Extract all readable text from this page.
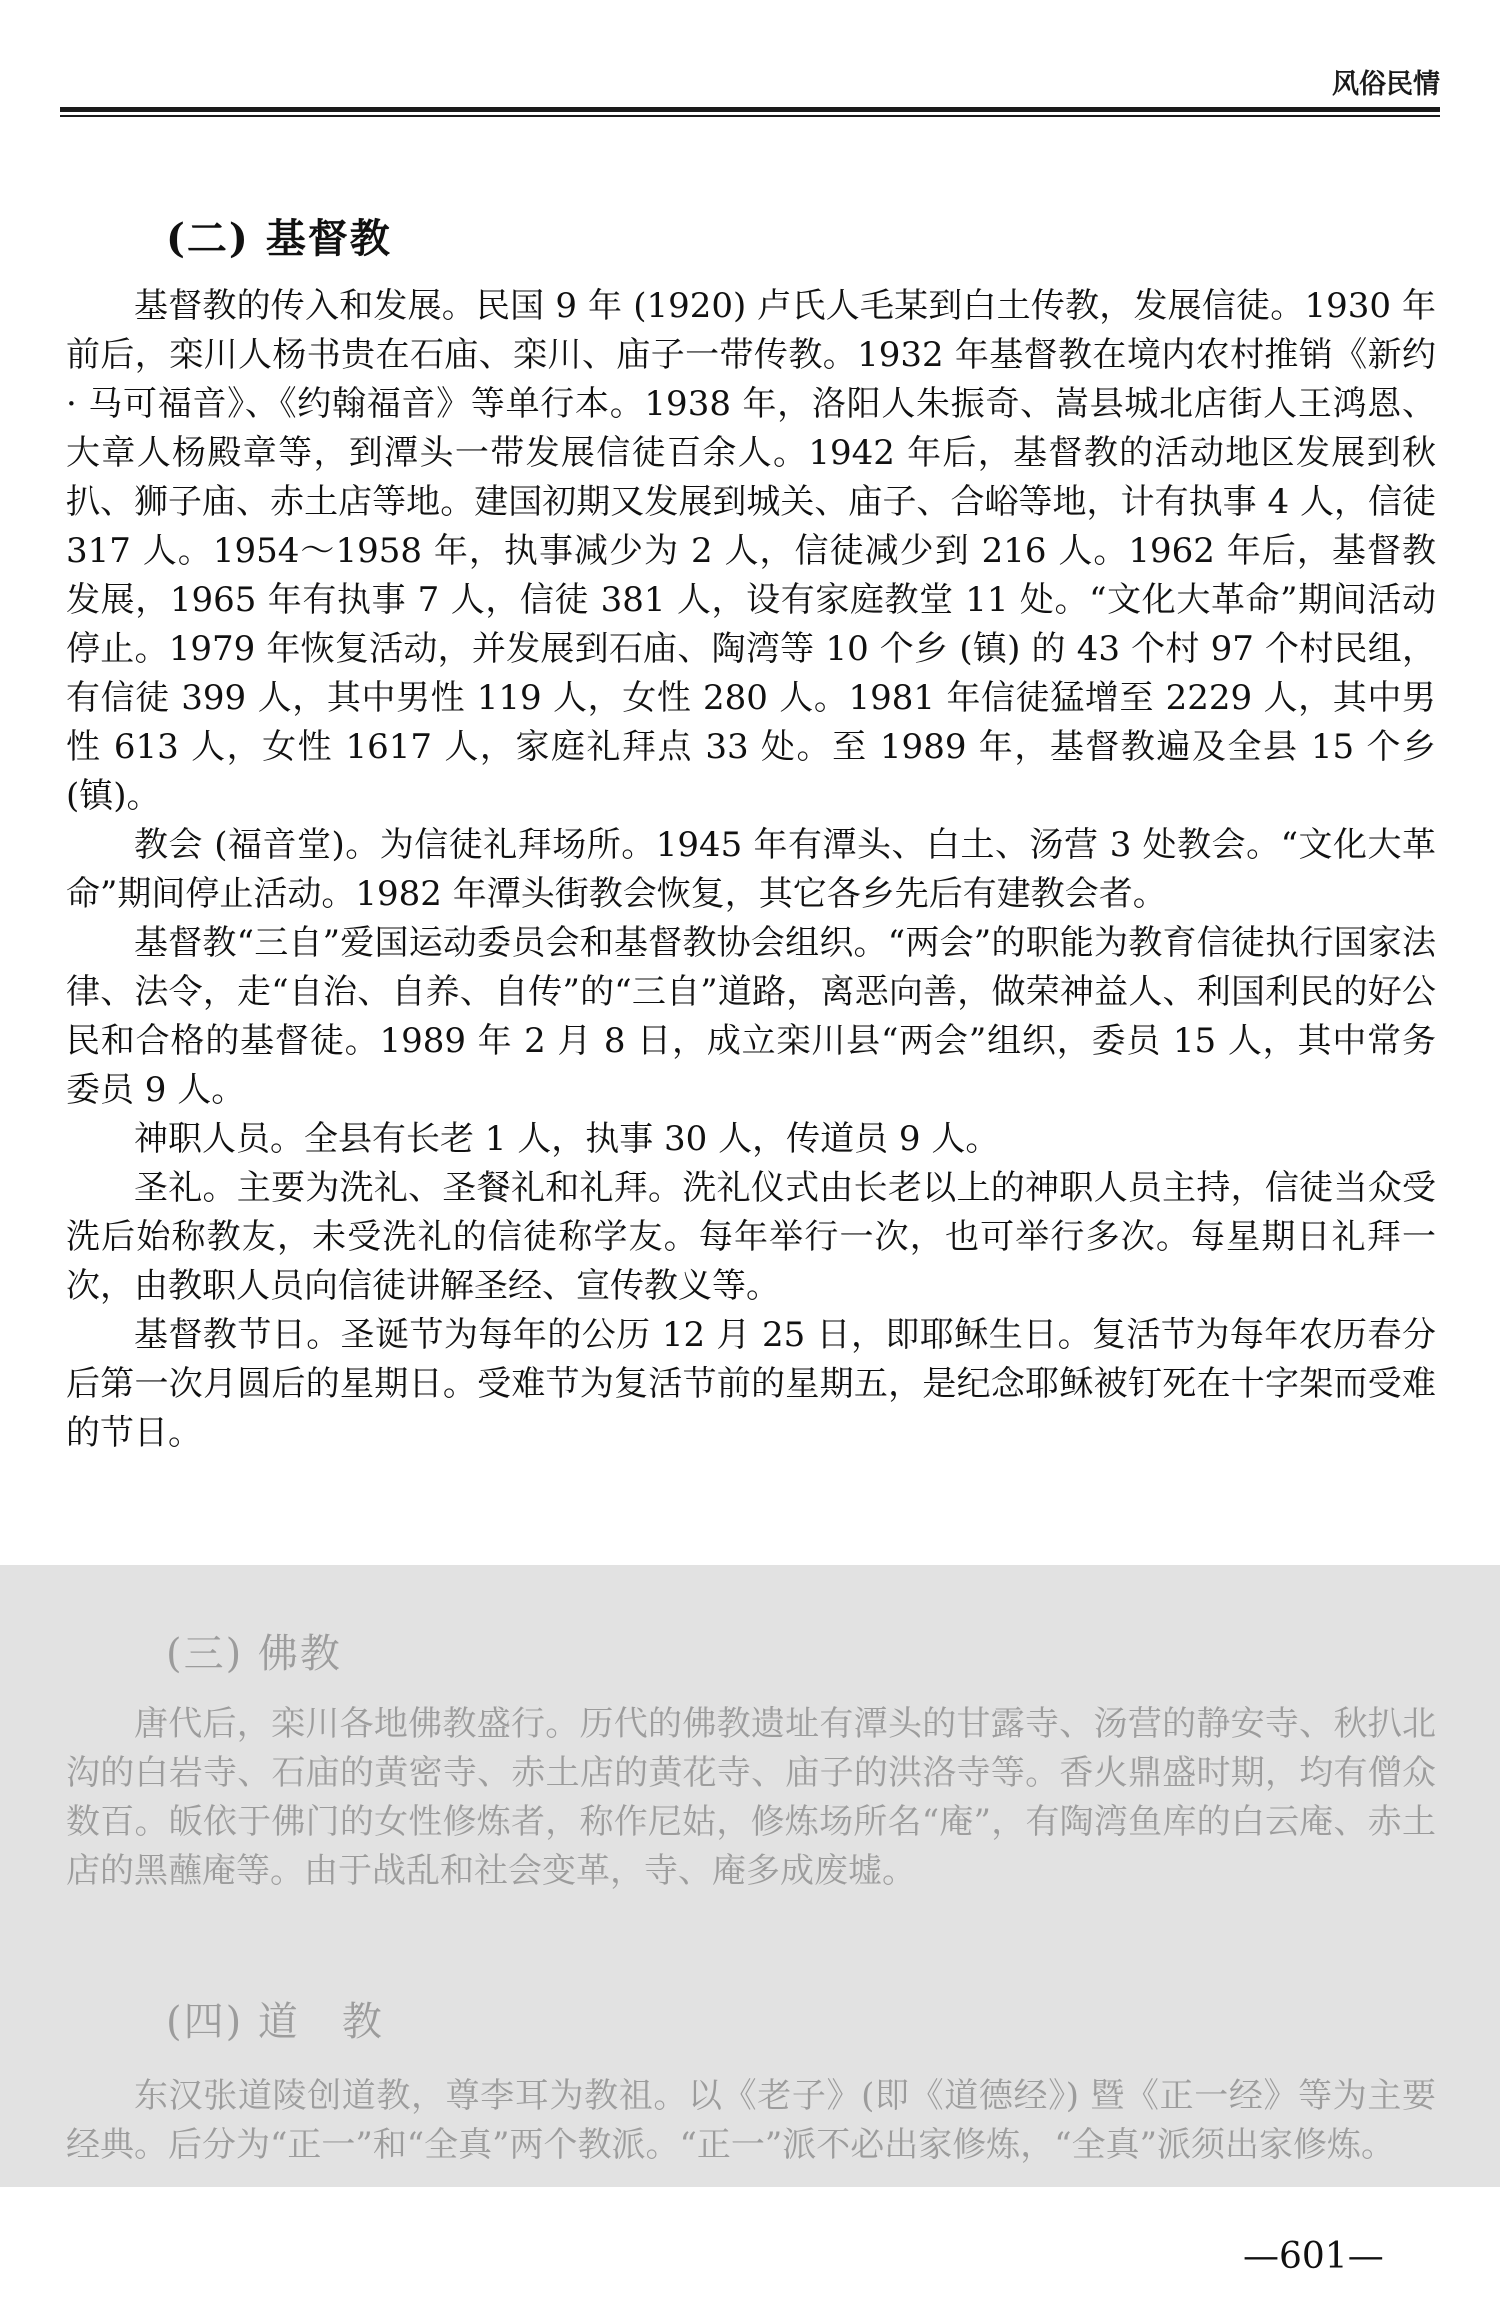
风俗民情
(二) 基督教

基督教的传入和发展。民国 9 年 (1920) 卢氏人毛某到白土传教，发展信徒。1930 年前后，栾川人杨书贵在石庙、栾川、庙子一带传教。1932 年基督教在境内农村推销《新约 · 马可福音》、《约翰福音》等单行本。1938 年，洛阳人朱振奇、嵩县城北店街人王鸿恩、大章人杨殿章等，到潭头一带发展信徒百余人。1942 年后，基督教的活动地区发展到秋扒、狮子庙、赤土店等地。建国初期又发展到城关、庙子、合峪等地，计有执事 4 人，信徒 317 人。1954～1958 年，执事减少为 2 人，信徒减少到 216 人。1962 年后，基督教发展，1965 年有执事 7 人，信徒 381 人，设有家庭教堂 11 处。“文化大革命”期间活动停止。1979 年恢复活动，并发展到石庙、陶湾等 10 个乡 (镇) 的 43 个村 97 个村民组，有信徒 399 人，其中男性 119 人，女性 280 人。1981 年信徒猛增至 2229 人，其中男性 613 人，女性 1617 人，家庭礼拜点 33 处。至 1989 年，基督教遍及全县 15 个乡 (镇)。

教会 (福音堂)。为信徒礼拜场所。1945 年有潭头、白土、汤营 3 处教会。“文化大革命”期间停止活动。1982 年潭头街教会恢复，其它各乡先后有建教会者。

基督教“三自”爱国运动委员会和基督教协会组织。“两会”的职能为教育信徒执行国家法律、法令，走“自治、自养、自传”的“三自”道路，离恶向善，做荣神益人、利国利民的好公民和合格的基督徒。1989 年 2 月 8 日，成立栾川县“两会”组织，委员 15 人，其中常务委员 9 人。

神职人员。全县有长老 1 人，执事 30 人，传道员 9 人。

圣礼。主要为洗礼、圣餐礼和礼拜。洗礼仪式由长老以上的神职人员主持，信徒当众受洗后始称教友，未受洗礼的信徒称学友。每年举行一次，也可举行多次。每星期日礼拜一次，由教职人员向信徒讲解圣经、宣传教义等。

基督教节日。圣诞节为每年的公历 12 月 25 日，即耶稣生日。复活节为每年农历春分后第一次月圆后的星期日。受难节为复活节前的星期五，是纪念耶稣被钉死在十字架而受难的节日。

(三) 佛教

唐代后，栾川各地佛教盛行。历代的佛教遗址有潭头的甘露寺、汤营的静安寺、秋扒北沟的白岩寺、石庙的黄密寺、赤土店的黄花寺、庙子的洪洛寺等。香火鼎盛时期，均有僧众数百。皈依于佛门的女性修炼者，称作尼姑，修炼场所名“庵”，有陶湾鱼库的白云庵、赤土店的黑蘸庵等。由于战乱和社会变革，寺、庵多成废墟。

(四) 道　教

东汉张道陵创道教，尊李耳为教祖。以《老子》(即《道德经》) 暨《正一经》等为主要经典。后分为“正一”和“全真”两个教派。“正一”派不必出家修炼，“全真”派须出家修炼。

—601—
